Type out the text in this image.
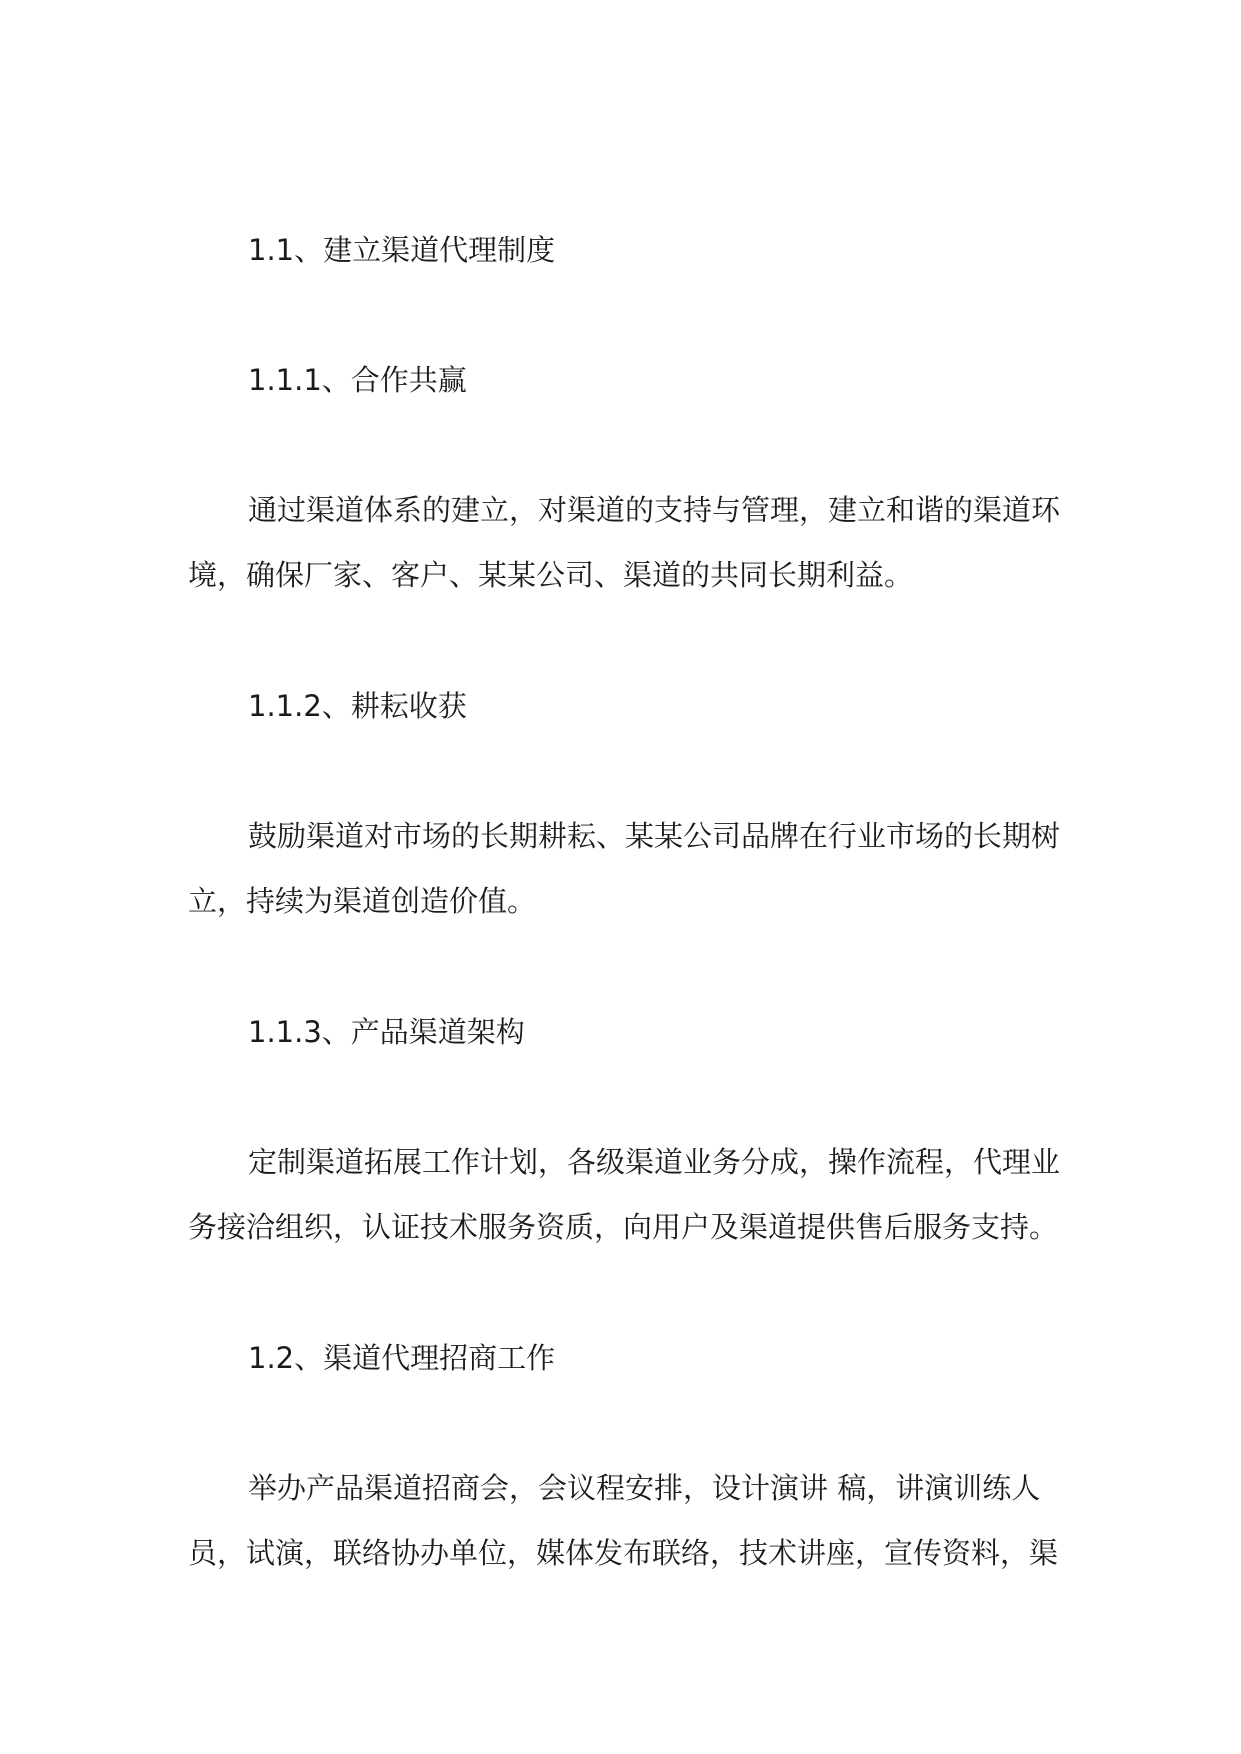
1.1、建立渠道代理制度
1.1.1、合作共赢
通过渠道体系的建立，对渠道的支持与管理，建立和谐的渠道环
境，确保厂家、客户、某某公司、渠道的共同长期利益。
1.1.2、耕耘收获
鼓励渠道对市场的长期耕耘、某某公司品牌在行业市场的长期树
立，持续为渠道创造价值。
1.1.3、产品渠道架构
定制渠道拓展工作计划，各级渠道业务分成，操作流程，代理业
务接洽组织，认证技术服务资质，向用户及渠道提供售后服务支持。
1.2、渠道代理招商工作
举办产品渠道招商会，会议程安排，设计演讲 稿，讲演训练人
员，试演，联络协办单位，媒体发布联络，技术讲座，宣传资料，渠
